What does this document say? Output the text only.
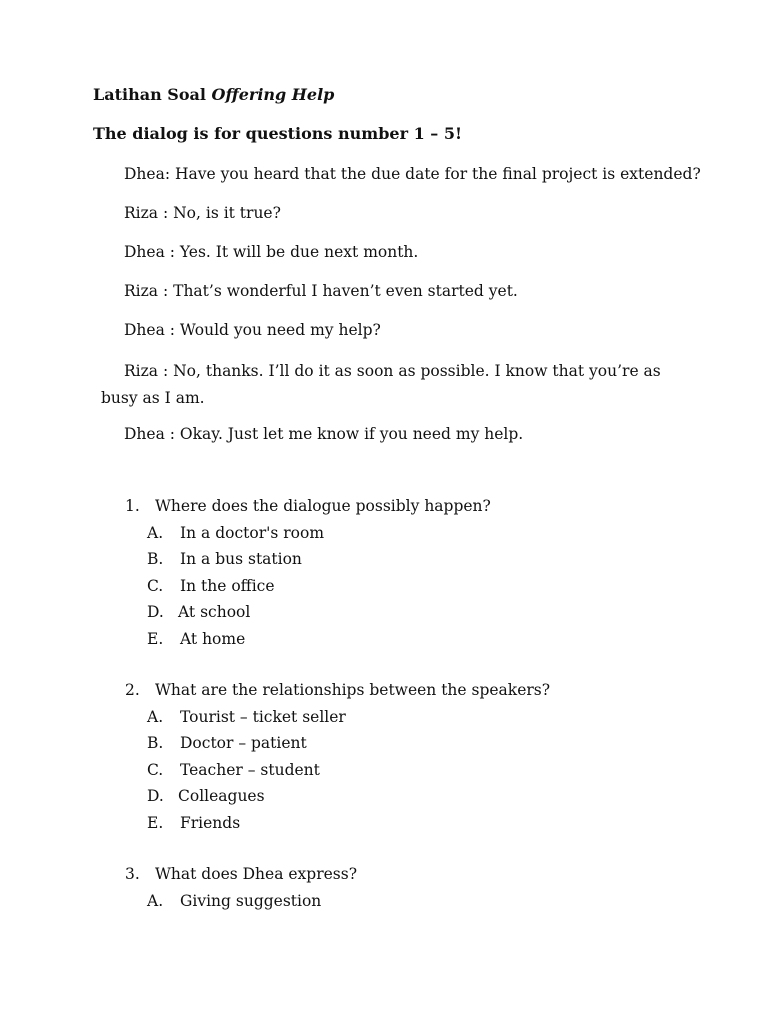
Latihan Soal Offering Help
The dialog is for questions number 1 – 5!
Dhea: Have you heard that the due date for the final project is extended?
Riza : No, is it true?
Dhea : Yes. It will be due next month.
Riza : That’s wonderful I haven’t even started yet.
Dhea : Would you need my help?
Riza : No, thanks. I’ll do it as soon as possible. I know that you’re as busy as I am.
Dhea : Okay. Just let me know if you need my help.
1. Where does the dialogue possibly happen?
A.	In a doctor's room
B.	In a bus station
C.	In the office
D. At school
E.	At home
2. What are the relationships between the speakers?
A.	Tourist – ticket seller
B.	Doctor – patient
C.	Teacher – student
D. Colleagues
E.	Friends
3. What does Dhea express?
A.	Giving suggestion
